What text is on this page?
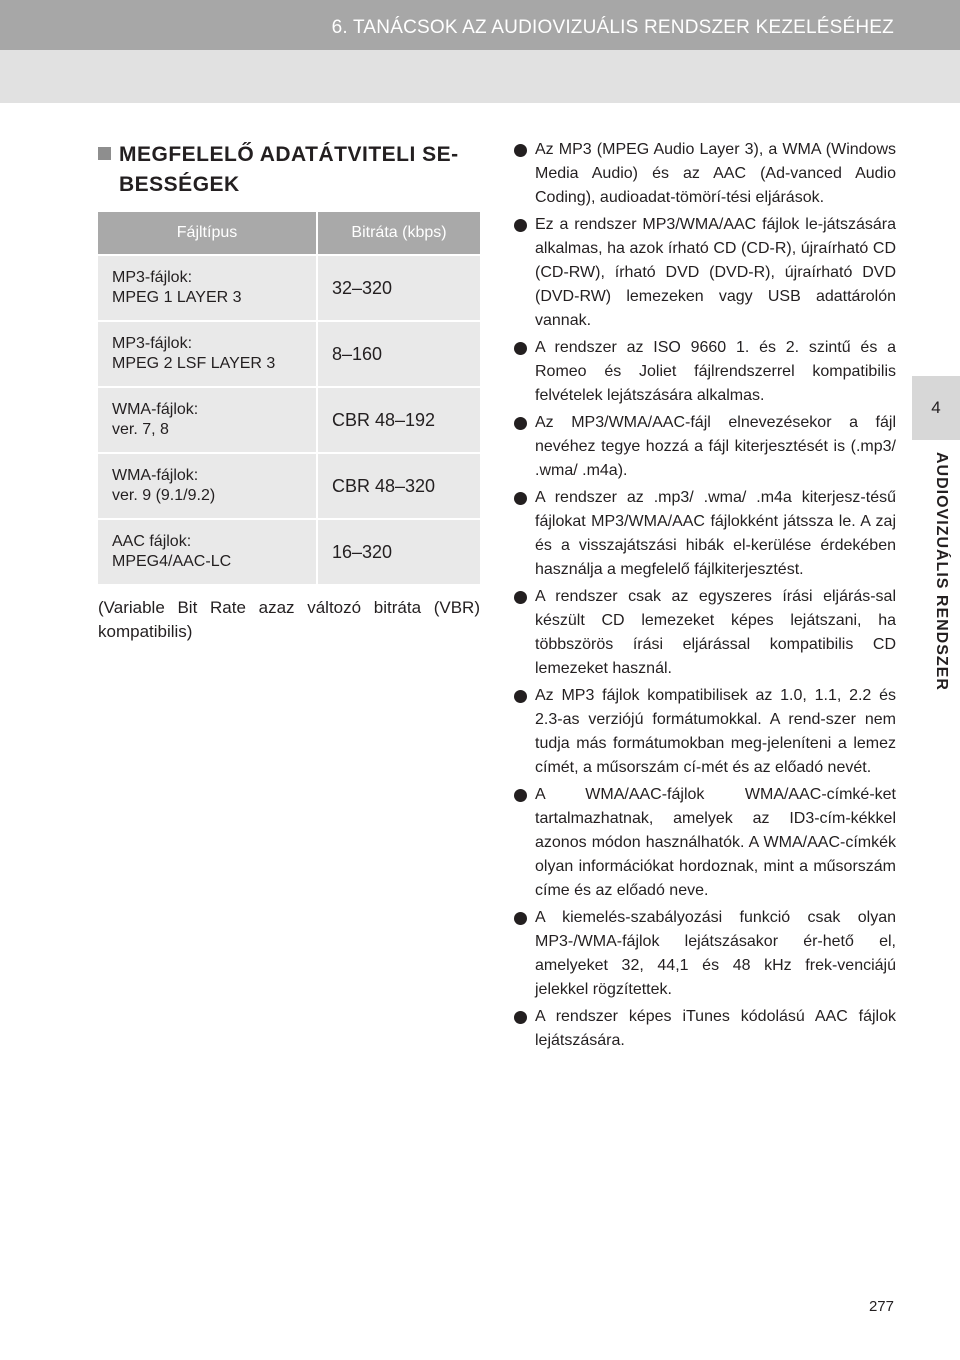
6. TANÁCSOK AZ AUDIOVIZUÁLIS RENDSZER KEZELÉSÉHEZ
4
AUDIOVIZUÁLIS RENDSZER
MEGFELELŐ ADATÁTVITELI SE-
BESSÉGEK
Fájltípus	Bitráta (kbps)
MP3-fájlok:
MPEG 1 LAYER 3	32–320
MP3-fájlok:
MPEG 2 LSF LAYER 3	8–160
WMA-fájlok:
ver. 7, 8	CBR 48–192
WMA-fájlok:
ver. 9 (9.1/9.2)	CBR 48–320
AAC fájlok:
MPEG4/AAC-LC	16–320
(Variable Bit Rate azaz változó bitráta (VBR) kompatibilis)
Az MP3 (MPEG Audio Layer 3), a WMA (Windows Media Audio) és az AAC (Ad-vanced Audio Coding), audioadat-tömörí-tési eljárások.
Ez a rendszer MP3/WMA/AAC fájlok le-játszására alkalmas, ha azok írható CD (CD-R), újraírható CD (CD-RW), írható DVD (DVD-R), újraírható DVD (DVD-RW) lemezeken vagy USB adattárolón vannak.
A rendszer az ISO 9660 1. és 2. szintű és a Romeo és Joliet fájlrendszerrel kompatibilis felvételek lejátszására alkalmas.
Az MP3/WMA/AAC-fájl elnevezésekor a fájl nevéhez tegye hozzá a fájl kiterjesztését is (.mp3/ .wma/ .m4a).
A rendszer az .mp3/ .wma/ .m4a kiterjesz-tésű fájlokat MP3/WMA/AAC fájlokként játssza le. A zaj és a visszajátszási hibák el-kerülése érdekében használja a megfelelő fájlkiterjesztést.
A rendszer csak az egyszeres írási eljárás-sal készült CD lemezeket képes lejátszani, ha többszörös írási eljárással kompatibilis CD lemezeket használ.
Az MP3 fájlok kompatibilisek az 1.0, 1.1, 2.2 és 2.3-as verziójú formátumokkal. A rend-szer nem tudja más formátumokban meg-jeleníteni a lemez címét, a műsorszám cí-mét és az előadó nevét.
A WMA/AAC-fájlok WMA/AAC-címké-ket tartalmazhatnak, amelyek az ID3-cím-kékkel azonos módon használhatók. A WMA/AAC-címkék olyan információkat hordoznak, mint a műsorszám címe és az előadó neve.
A kiemelés-szabályozási funkció csak olyan MP3-/WMA-fájlok lejátszásakor ér-hető el, amelyeket 32, 44,1 és 48 kHz frek-venciájú jelekkel rögzítettek.
A rendszer képes iTunes kódolású AAC fájlok lejátszására.
277
